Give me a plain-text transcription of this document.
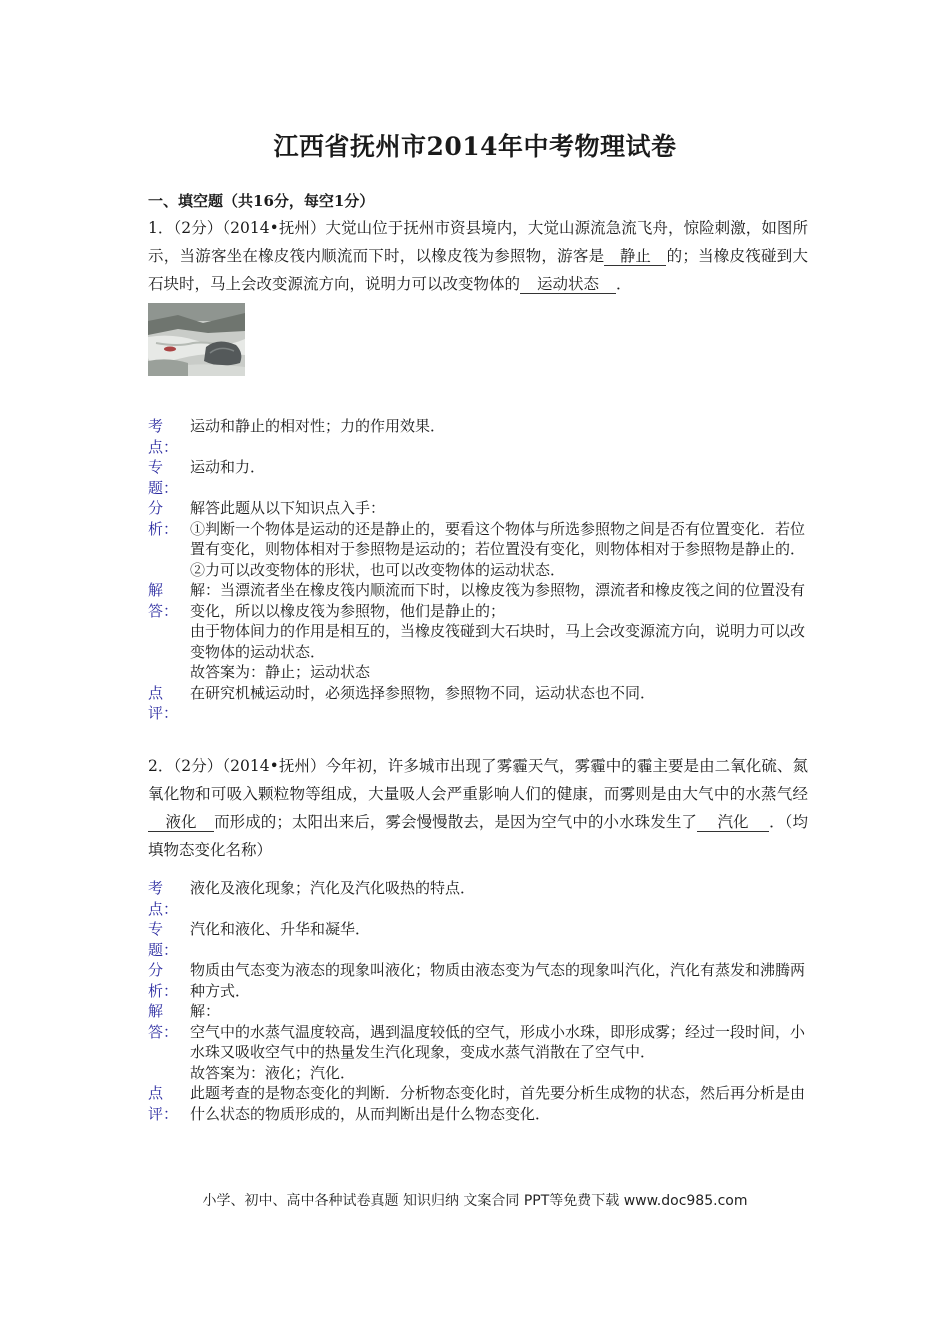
江西省抚州市2014年中考物理试卷
一、填空题（共16分，每空1分）
1．（2分）（2014•抚州）大觉山位于抚州市资县境内，大觉山源流急流飞舟，惊险刺激，如图所示，当游客坐在橡皮筏内顺流而下时，以橡皮筏为参照物，游客是 静止 的；当橡皮筏碰到大石块时，马上会改变源流方向，说明力可以改变物体的 运动状态 ．
考
点：
运动和静止的相对性；力的作用效果．
专
题：
运动和力．
分
析：

解答此题从以下知识点入手：

①判断一个物体是运动的还是静止的，要看这个物体与所选参照物之间是否有位置变化．若位置有变化，则物体相对于参照物是运动的；若位置没有变化，则物体相对于参照物是静止的．

②力可以改变物体的形状，也可以改变物体的运动状态．

解
答：

解：当漂流者坐在橡皮筏内顺流而下时，以橡皮筏为参照物，漂流者和橡皮筏之间的位置没有变化，所以以橡皮筏为参照物，他们是静止的；

由于物体间力的作用是相互的，当橡皮筏碰到大石块时，马上会改变源流方向，说明力可以改变物体的运动状态．

故答案为：静止；运动状态

点
评：
在研究机械运动时，必须选择参照物，参照物不同，运动状态也不同．
2．（2分）（2014•抚州）今年初，许多城市出现了雾霾天气，雾霾中的霾主要是由二氧化硫、氮氧化物和可吸入颗粒物等组成，大量吸人会严重影响人们的健康，而雾则是由大气中的水蒸气经液化 而形成的；太阳出来后，雾会慢慢散去，是因为空气中的小水珠发生了 汽化 ．（均填物态变化名称）
考
点：
液化及液化现象；汽化及汽化吸热的特点．
专
题：
汽化和液化、升华和凝华．
分
析：
物质由气态变为液态的现象叫液化；物质由液态变为气态的现象叫汽化，汽化有蒸发和沸腾两种方式．
解
答：

解：

空气中的水蒸气温度较高，遇到温度较低的空气，形成小水珠，即形成雾；经过一段时间，小水珠又吸收空气中的热量发生汽化现象，变成水蒸气消散在了空气中．

故答案为：液化；汽化．

点
评：
此题考查的是物态变化的判断．分析物态变化时，首先要分析生成物的状态，然后再分析是由什么状态的物质形成的，从而判断出是什么物态变化．
小学、初中、高中各种试卷真题 知识归纳 文案合同 PPT等免费下载 www.doc985.com
